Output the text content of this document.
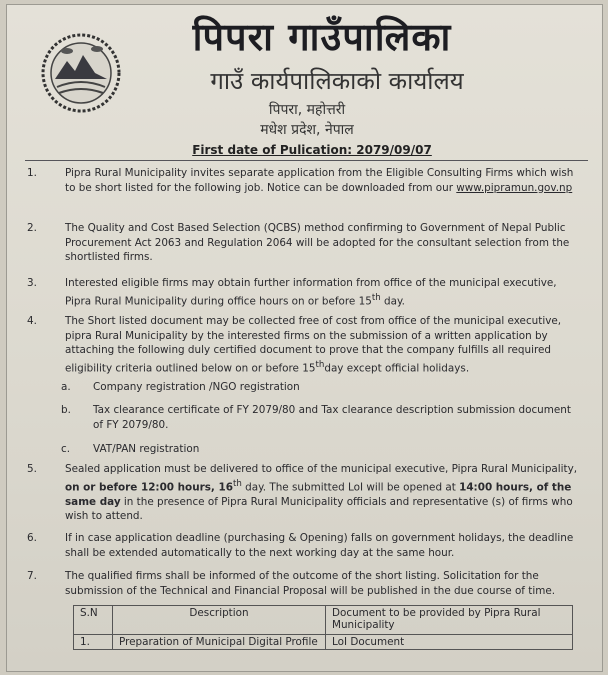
पिपरा गाउँपालिका
गाउँ कार्यपालिकाको कार्यालय
पिपरा, महोत्तरी
मधेश प्रदेश, नेपाल
First date of Pulication: 2079/09/07
1.	Pipra Rural Municipality invites separate application from the Eligible Consulting Firms which wish to be short listed for the following job. Notice can be downloaded from our www.pipramun.gov.np
2.	The Quality and Cost Based Selection (QCBS) method confirming to Government of Nepal Public Procurement Act 2063 and Regulation 2064 will be adopted for the consultant selection from the shortlisted firms.
3.	Interested eligible firms may obtain further information from office of the municipal executive, Pipra Rural Municipality during office hours on or before 15th day.
4.	The Short listed document may be collected free of cost from office of the municipal executive, pipra Rural Municipality by the interested firms on the submission of a written application by attaching the following duly certified document to prove that the company fulfills all required eligibility criteria outlined below on or before 15thday except official holidays.
a. Company registration /NGO registration
b. Tax clearance certificate of FY 2079/80 and Tax clearance description submission document of FY 2079/80.
c. VAT/PAN registration
5.	Sealed application must be delivered to office of the municipal executive, Pipra Rural Municipality, on or before 12:00 hours, 16th day. The submitted LoI will be opened at 14:00 hours, of the same day in the presence of Pipra Rural Municipality officials and representative (s) of firms who wish to attend.
6.	If in case application deadline (purchasing & Opening) falls on government holidays, the deadline shall be extended automatically to the next working day at the same hour.
7.	The qualified firms shall be informed of the outcome of the short listing. Solicitation for the submission of the Technical and Financial Proposal will be published in the due course of time.
S.N	Description	Document to be provided by Pipra Rural Municipality
1.	Preparation of Municipal Digital Profile	LoI Document
